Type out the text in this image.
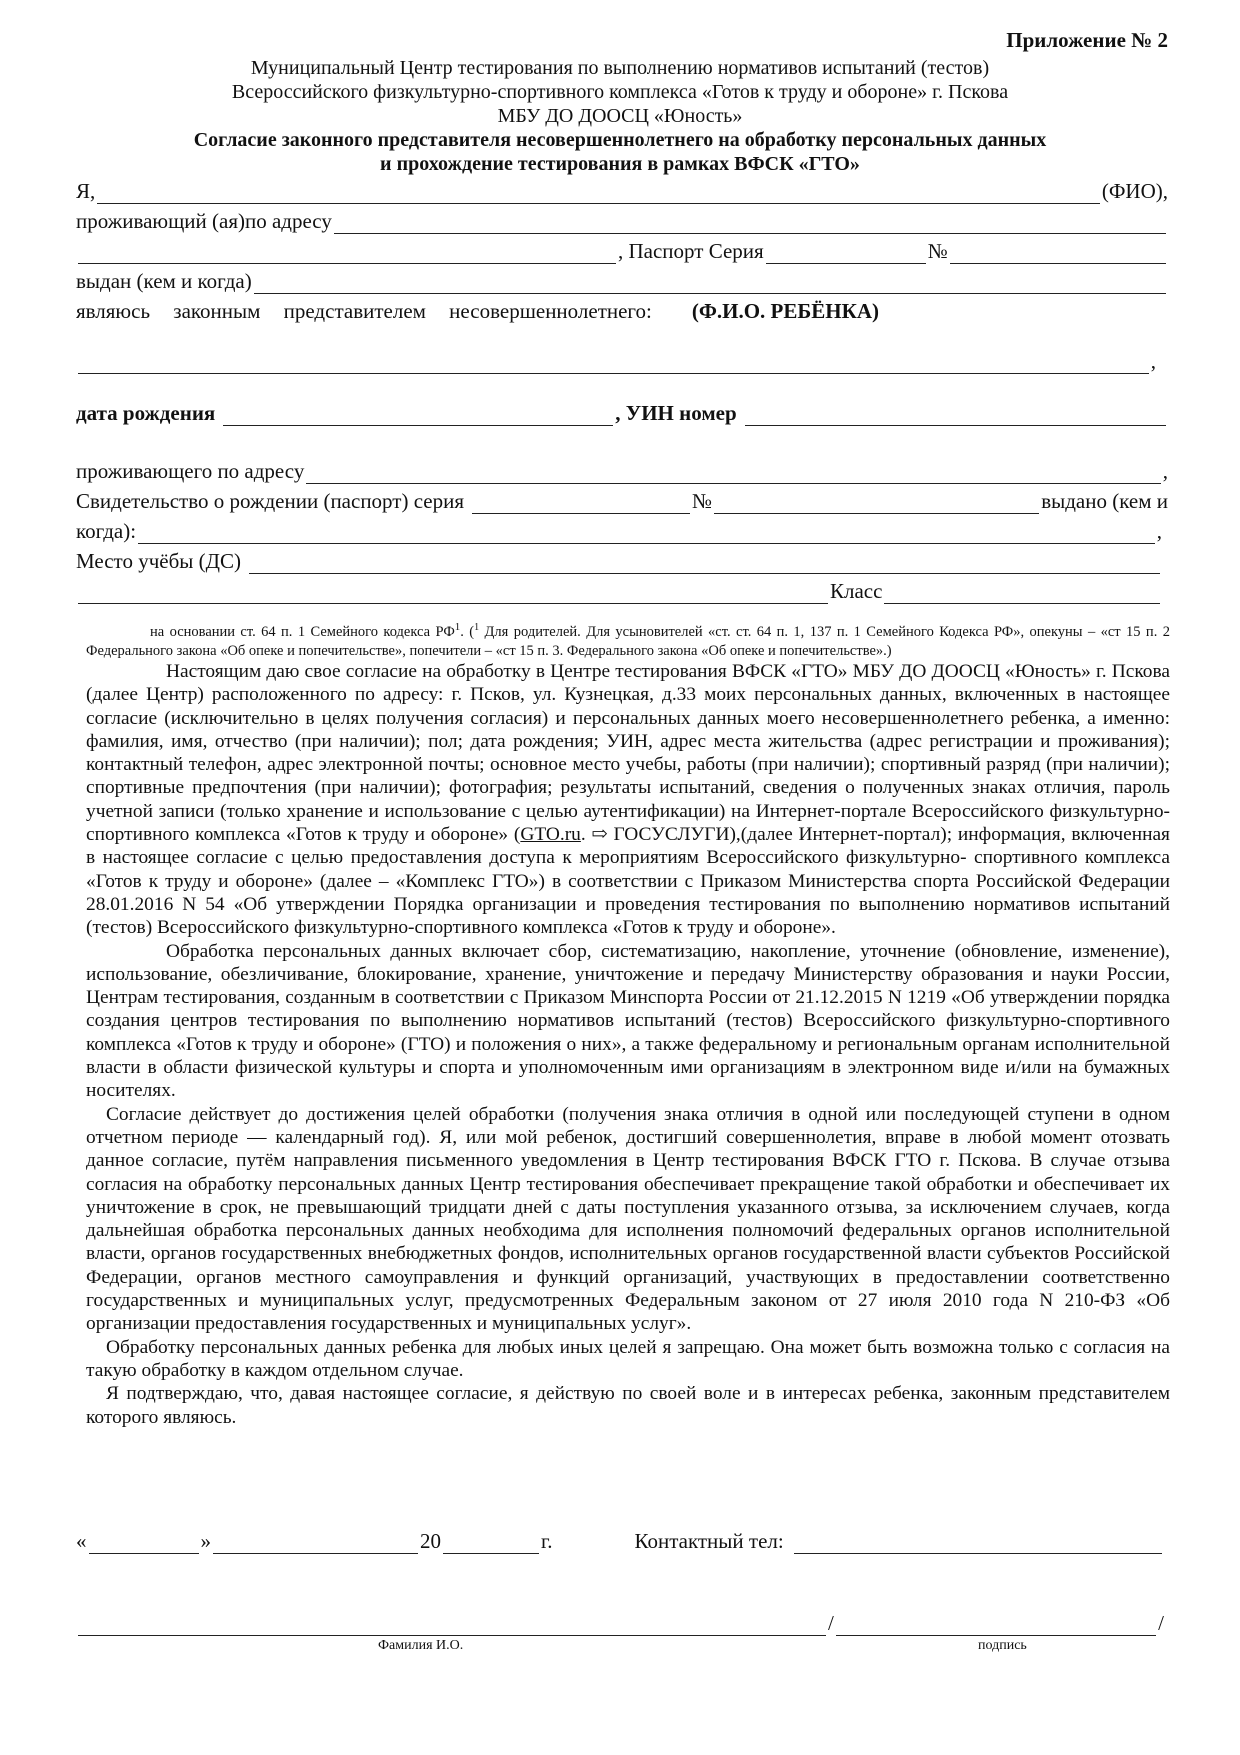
Приложение № 2
Муниципальный Центр тестирования по выполнению нормативов испытаний (тестов)
Всероссийского физкультурно-спортивного комплекса «Готов к труду и обороне» г. Пскова
МБУ ДО ДООСЦ «Юность»
Согласие законного представителя несовершеннолетнего на обработку персональных данных
и прохождение тестирования в рамках ВФСК «ГТО»
Я,	(ФИО),
проживающий (ая)по адресу
, Паспорт Серия	№
выдан (кем и когда)
являюсь законным представителем несовершеннолетнего: (Ф.И.О. РЕБЁНКА)
,
дата рождения	, УИН номер
проживающего по адресу	,
Свидетельство о рождении (паспорт) серия	№	выдано (кем и
когда):	,
Место учёбы (ДС)
Класс
на основании ст. 64 п. 1 Семейного кодекса $РФ^1$. ($^1$ Для родителей. Для усыновителей «ст. ст. 64 п. 1, 137 п. 1 Семейного Кодекса РФ», опекуны – «ст 15 п. 2 Федерального закона «Об опеке и попечительстве», попечители – «ст 15 п. 3. Федерального закона «Об опеке и попечительстве».)

Настоящим даю свое согласие на обработку в Центре тестирования ВФСК «ГТО» МБУ ДО ДООСЦ «Юность» г. Пскова (далее Центр) расположенного по адресу: г. Псков, ул. Кузнецкая, д.33 моих персональных данных, включенных в настоящее согласие (исключительно в целях получения согласия) и персональных данных моего несовершеннолетнего ребенка, а именно: фамилия, имя, отчество (при наличии); пол; дата рождения; УИН, адрес места жительства (адрес регистрации и проживания); контактный телефон, адрес электронной почты; основное место учебы, работы (при наличии); спортивный разряд (при наличии); спортивные предпочтения (при наличии); фотография; результаты испытаний, сведения о полученных знаках отличия, пароль учетной записи (только хранение и использование с целью аутентификации) на Интернет-портале Всероссийского физкультурно-спортивного комплекса «Готов к труду и обороне» (GTO.ru. ⇨ ГОСУСЛУГИ),(далее Интернет-портал); информация, включенная в настоящее согласие с целью предоставления доступа к мероприятиям Всероссийского физкультурно- спортивного комплекса «Готов к труду и обороне» (далее – «Комплекс ГТО») в соответствии с Приказом Министерства спорта Российской Федерации 28.01.2016 N 54 «Об утверждении Порядка организации и проведения тестирования по выполнению нормативов испытаний (тестов) Всероссийского физкультурно-спортивного комплекса «Готов к труду и обороне».

Обработка персональных данных включает сбор, систематизацию, накопление, уточнение (обновление, изменение), использование, обезличивание, блокирование, хранение, уничтожение и передачу Министерству образования и науки России, Центрам тестирования, созданным в соответствии с Приказом Минспорта России от 21.12.2015 N 1219 «Об утверждении порядка создания центров тестирования по выполнению нормативов испытаний (тестов) Всероссийского физкультурно-спортивного комплекса «Готов к труду и обороне» (ГТО) и положения о них», а также федеральному и региональным органам исполнительной власти в области физической культуры и спорта и уполномоченным ими организациям в электронном виде и/или на бумажных носителях.

Согласие действует до достижения целей обработки (получения знака отличия в одной или последующей ступени в одном отчетном периоде — календарный год). Я, или мой ребенок, достигший совершеннолетия, вправе в любой момент отозвать данное согласие, путём направления письменного уведомления в Центр тестирования ВФСК ГТО г. Пскова. В случае отзыва согласия на обработку персональных данных Центр тестирования обеспечивает прекращение такой обработки и обеспечивает их уничтожение в срок, не превышающий тридцати дней с даты поступления указанного отзыва, за исключением случаев, когда дальнейшая обработка персональных данных необходима для исполнения полномочий федеральных органов исполнительной власти, органов государственных внебюджетных фондов, исполнительных органов государственной власти субъектов Российской Федерации, органов местного самоуправления и функций организаций, участвующих в предоставлении соответственно государственных и муниципальных услуг, предусмотренных Федеральным законом от 27 июля 2010 года N 210-ФЗ «Об организации предоставления государственных и муниципальных услуг».

Обработку персональных данных ребенка для любых иных целей я запрещаю. Она может быть возможна только с согласия на такую обработку в каждом отдельном случае.

Я подтверждаю, что, давая настоящее согласие, я действую по своей воле и в интересах ребенка, законным представителем которого являюсь.

«	»	20	г.	Контактный тел:
/	/
Фамилия И.О.	подпись
